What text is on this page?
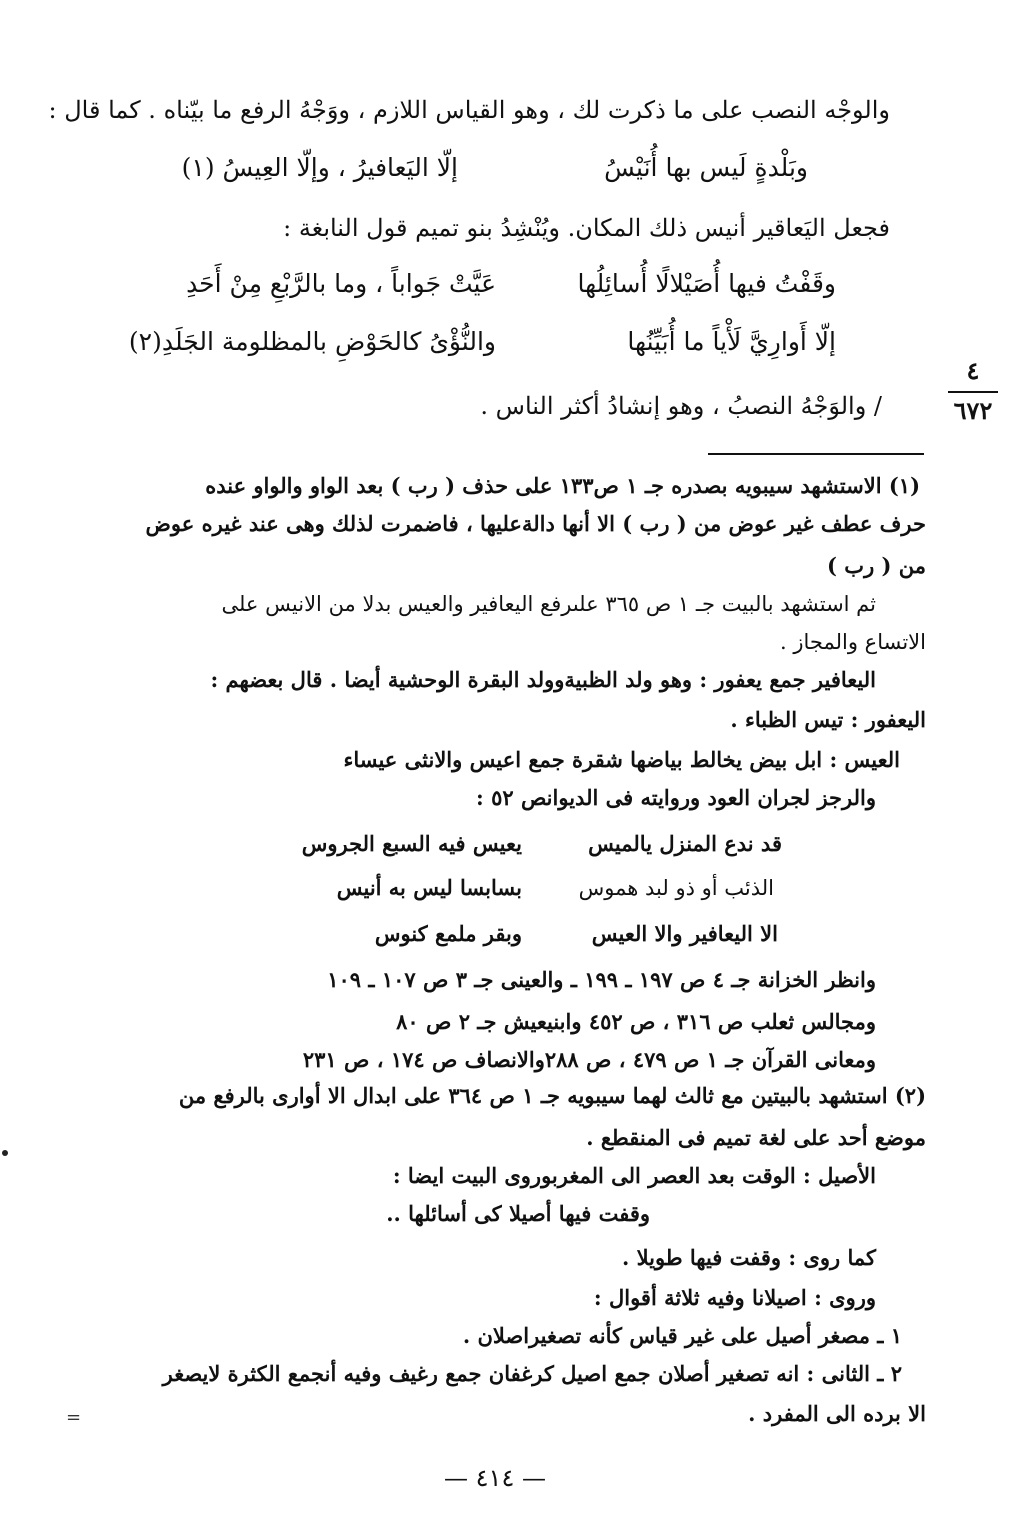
والوجْه النصب على ما ذكرت لك ، وهو القياس اللازم ، ووَجْهُ الرفع ما بيّناه . كما قال :
وبَلْدةٍ لَيس بها أُنَيْسُ
إلّا اليَعافيرُ ، وإلّا العِيسُ (١)
فجعل اليَعاقير أنيس ذلك المكان. ويُنْشِدُ بنو تميم قول النابغة :
وقَفْتُ فيها أُصَيْلالًا أُسائِلُها
عَيَّتْ جَواباً ، وما بالرَّبْعِ مِنْ أَحَدِ
إلّا أَوارِيَّ لَأْياً ما أُبَيِّنُها
والنُّؤْىُ كالحَوْضِ بالمظلومة الجَلَدِ(٢)
/ والوَجْهُ النصبُ ، وهو إنشادُ أكثر الناس .
٤
٦٧٢
(١) الاستشهد سيبويه بصدره جـ ١ ص١٣٣ على حذف ( رب ) بعد الواو والواو عنده
حرف عطف غير عوض من ( رب ) الا أنها دالةعليها ، فاضمرت لذلك وهى عند غيره عوض
من ( رب )
ثم استشهد بالبيت جـ ١ ص ٣٦٥ علىرفع اليعافير والعيس بدلا من الانيس على
الاتساع والمجاز .
اليعافير جمع يعفور : وهو ولد الظبيةوولد البقرة الوحشية أيضا . قال بعضهم :
اليعفور : تيس الظباء .
العيس : ابل بيض يخالط بياضها شقرة جمع اعيس والانثى عيساء
والرجز لجران العود وروايته فى الديوانص ٥٢ :
قد ندع المنزل يالميس
يعيس فيه السبع الجروس
الذئب أو ذو لبد هموس
بسابسا ليس به أنيس
الا اليعافير والا العيس
وبقر ملمع كنوس
وانظر الخزانة جـ ٤ ص ١٩٧ ـ ١٩٩ ـ والعينى جـ ٣ ص ١٠٧ ـ ١٠٩
ومجالس ثعلب ص ٣١٦ ، ص ٤٥٢ وابنيعيش جـ ٢ ص ٨٠
ومعانى القرآن جـ ١ ص ٤٧٩ ، ص ٢٨٨والانصاف ص ١٧٤ ، ص ٢٣١
(٢) استشهد بالبيتين مع ثالث لهما سيبويه جـ ١ ص ٣٦٤ على ابدال الا أوارى بالرفع من
موضع أحد على لغة تميم فى المنقطع .
الأصيل : الوقت بعد العصر الى المغربوروى البيت ايضا :
وقفت فيها أصيلا كى أسائلها ..
كما روى : وقفت فيها طويلا .
وروى : اصيلانا وفيه ثلاثة أقوال :
١ ـ مصغر أصيل على غير قياس كأنه تصغيراصلان .
٢ ـ الثانى : انه تصغير أصلان جمع اصيل كرغفان جمع رغيف وفيه أنجمع الكثرة لايصغر
الا برده الى المفرد .
=
— ٤١٤ —
